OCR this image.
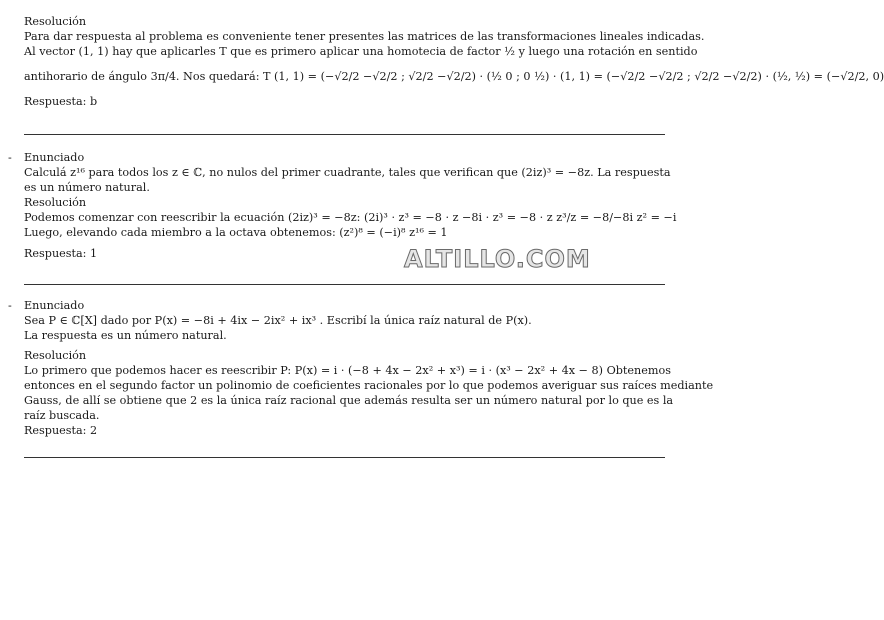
Resolución
Para dar respuesta al problema es conveniente tener presentes las matrices de las transformaciones lineales indicadas.
Al vector (1, 1) hay que aplicarles T que es primero aplicar una homotecia de factor ½ y luego una rotación en sentido
antihorario de ángulo 3π/4. Nos quedará: T (1, 1) = (−√2/2 −√2/2 ; √2/2 −√2/2) · (½ 0 ; 0 ½) · (1, 1) = (−√2/2 −√2/2 ; √2/2 −√2/2) · (½, ½) = (−√2/2, 0)
Respuesta: b
- Enunciado
Calculá z¹⁶ para todos los z ∈ ℂ, no nulos del primer cuadrante, tales que verifican que (2iz)³ = −8z. La respuesta
es un número natural.
Resolución
Podemos comenzar con reescribir la ecuación (2iz)³ = −8z: (2i)³ · z³ = −8 · z −8i · z³ = −8 · z z³/z = −8/−8i z² = −i
Luego, elevando cada miembro a la octava obtenemos: (z²)⁸ = (−i)⁸ z¹⁶ = 1
Respuesta: 1	ALTILLO.COM
- Enunciado
Sea P ∈ ℂ[X] dado por P(x) = −8i + 4ix − 2ix² + ix³ . Escribí la única raíz natural de P(x).
La respuesta es un número natural.
Resolución
Lo primero que podemos hacer es reescribir P: P(x) = i · (−8 + 4x − 2x² + x³) = i · (x³ − 2x² + 4x − 8) Obtenemos
entonces en el segundo factor un polinomio de coeficientes racionales por lo que podemos averiguar sus raíces mediante
Gauss, de allí se obtiene que 2 es la única raíz racional que además resulta ser un número natural por lo que es la
raíz buscada.
Respuesta: 2
